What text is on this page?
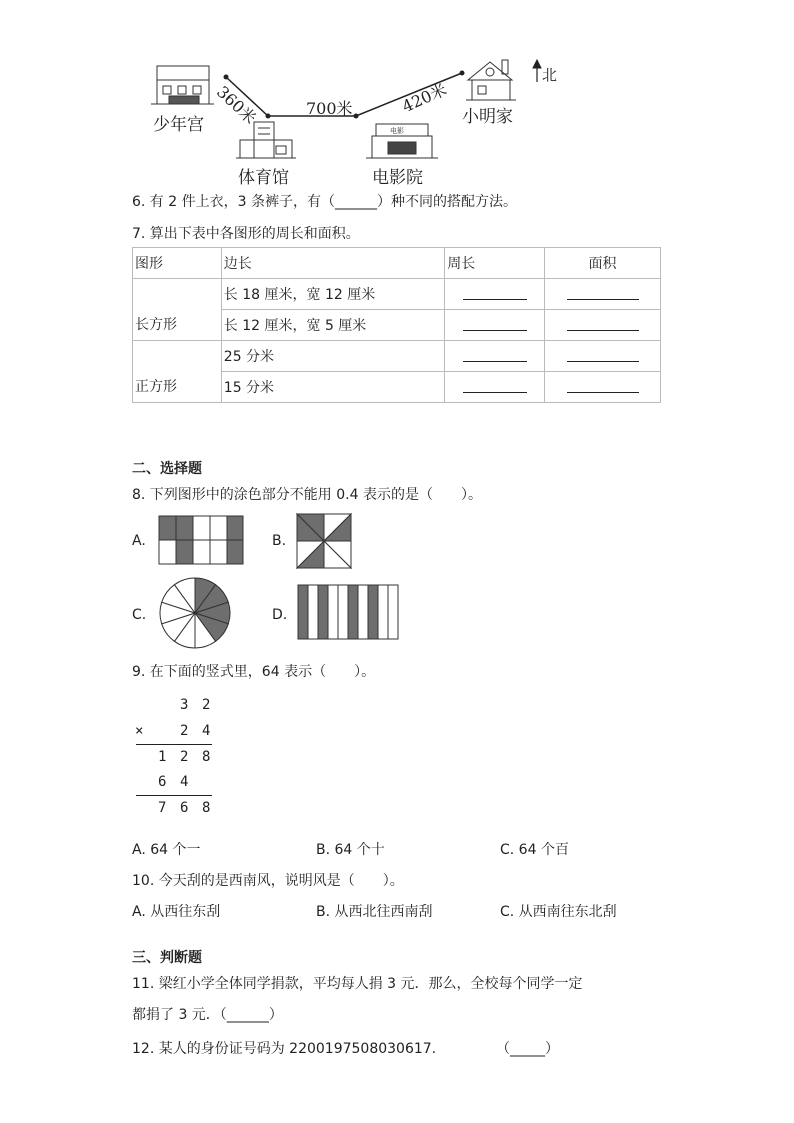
电影
北
少年宫
体育馆	电影院
小明家
360米	700米	420米
6. 有 2 件上衣，3 条裤子，有（______）种不同的搭配方法。
7. 算出下表中各图形的周长和面积。
图形	边长	周长	面积
长方形	长 18 厘米，宽 12 厘米		
	长 12 厘米，宽 5 厘米		
正方形	25 分米		
	15 分米		
二、选择题
8. 下列图形中的涂色部分不能用 0.4 表示的是（　　）。
A.	B.
C.	D.
9. 在下面的竖式里，64 表示（　　）。
3 2
×	2 4
1 2 8
6 4
7 6 8
A. 64 个一	B. 64 个十	C. 64 个百
10. 今天刮的是西南风，说明风是（　　）。
A. 从西往东刮	B. 从西北往西南刮	C. 从西南往东北刮
三、判断题
11. 梁红小学全体同学捐款，平均每人捐 3 元．那么，全校每个同学一定
都捐了 3 元．（______）
12. 某人的身份证号码为 2200197508030617.	（_____）
